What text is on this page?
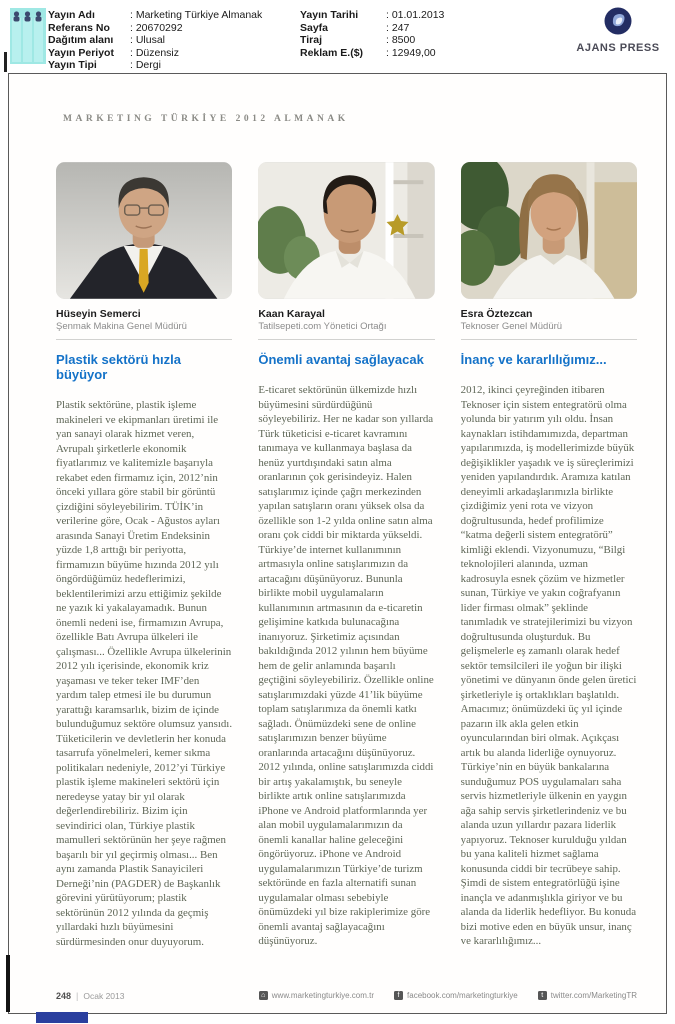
Yayın Adı	: Marketing Türkiye Almanak
Referans No	: 20670292
Dağıtım alanı	: Ulusal
Yayın Periyot	: Düzensiz
Yayın Tipi	: Dergi
Yayın Tarihi	: 01.01.2013
Sayfa	: 247
Tiraj	: 8500
Reklam E.($)	: 12949,00	AJANS PRESS
MARKETING TÜRKİYE 2012 ALMANAK
Hüseyin Semerci
Şenmak Makina Genel Müdürü
Plastik sektörü hızla büyüyor

Plastik sektörüne, plastik işleme makineleri ve ekipmanları üretimi ile yan sanayi olarak hizmet veren, Avrupalı şirketlerle ekonomik fiyatlarımız ve kalitemizle başarıyla rekabet eden firmamız için, 2012’nin önceki yıllara göre stabil bir görüntü çizdiğini söyleyebilirim. TÜİK’in verilerine göre, Ocak - Ağustos ayları arasında Sanayi Üretim Endeksinin yüzde 1,8 arttığı bir periyotta, firmamızın büyüme hızında 2012 yılı öngördüğümüz hedeflerimizi, beklentilerimizi arzu ettiğimiz şekilde ne yazık ki yakalayamadık. Bunun önemli nedeni ise, firmamızın Avrupa, özellikle Batı Avrupa ülkeleri ile çalışması... Özellikle Avrupa ülkelerinin 2012 yılı içerisinde, ekonomik kriz yaşaması ve teker teker IMF’den yardım talep etmesi ile bu durumun yarattığı karamsarlık, bizim de içinde bulunduğumuz sektöre olumsuz yansıdı. Tüketicilerin ve devletlerin her konuda tasarrufa yönelmeleri, kemer sıkma politikaları nedeniyle, 2012’yi Türkiye plastik işleme makineleri sektörü için neredeyse yatay bir yıl olarak değerlendirebiliriz. Bizim için sevindirici olan, Türkiye plastik mamulleri sektörünün her şeye rağmen başarılı bir yıl geçirmiş olması... Ben aynı zamanda Plastik Sanayicileri Derneği’nin (PAGDER) de Başkanlık görevini yürütüyorum; plastik sektörünün 2012 yılında da geçmiş yıllardaki hızlı büyümesini sürdürmesinden onur duyuyorum.

Kaan Karayal
Tatilsepeti.com Yönetici Ortağı
Önemli avantaj sağlayacak

E-ticaret sektörünün ülkemizde hızlı büyümesini sürdürdüğünü söyleyebiliriz. Her ne kadar son yıllarda Türk tüketicisi e-ticaret kavramını tanımaya ve kullanmaya başlasa da henüz yurtdışındaki satın alma oranlarının çok gerisindeyiz. Halen satışlarımız içinde çağrı merkezinden yapılan satışların oranı yüksek olsa da özellikle son 1-2 yılda online satın alma oranı çok ciddi bir miktarda yükseldi. Türkiye’de internet kullanımının artmasıyla online satışlarımızın da artacağını düşünüyoruz. Bununla birlikte mobil uygulamaların kullanımının artmasının da e-ticaretin gelişimine katkıda bulunacağına inanıyoruz. Şirketimiz açısından bakıldığında 2012 yılının hem büyüme hem de gelir anlamında başarılı geçtiğini söyleyebiliriz. Özellikle online satışlarımızdaki yüzde 41’lik büyüme toplam satışlarımıza da önemli katkı sağladı. Önümüzdeki sene de online satışlarımızın benzer büyüme oranlarında artacağını düşünüyoruz. 2012 yılında, online satışlarımızda ciddi bir artış yakalamıştık, bu seneyle birlikte artık online satışlarımızda iPhone ve Android platformlarında yer alan mobil uygulamalarımızın da önemli kanallar haline geleceğini öngörüyoruz. iPhone ve Android uygulamalarımızın Türkiye’de turizm sektöründe en fazla alternatifi sunan uygulamalar olması sebebiyle önümüzdeki yıl bize rakiplerimize göre önemli avantaj sağlayacağını düşünüyoruz.

Esra Öztezcan
Teknoser Genel Müdürü
İnanç ve kararlılığımız...

2012, ikinci çeyreğinden itibaren Teknoser için sistem entegratörü olma yolunda bir yatırım yılı oldu. İnsan kaynakları istihdamımızda, departman yapılarımızda, iş modellerimizde büyük değişiklikler yaşadık ve iş süreçlerimizi yeniden yapılandırdık. Aramıza katılan deneyimli arkadaşlarımızla birlikte çizdiğimiz yeni rota ve vizyon doğrultusunda, hedef profilimize “katma değerli sistem entegratörü” kimliği eklendi. Vizyonumuzu, “Bilgi teknolojileri alanında, uzman kadrosuyla esnek çözüm ve hizmetler sunan, Türkiye ve yakın coğrafyanın lider firması olmak” şeklinde tanımladık ve stratejilerimizi bu vizyon doğrultusunda oluşturduk. Bu gelişmelerle eş zamanlı olarak hedef sektör temsilcileri ile yoğun bir ilişki yönetimi ve dünyanın önde gelen üretici şirketleriyle iş ortaklıkları başlatıldı. Amacımız; önümüzdeki üç yıl içinde pazarın ilk akla gelen etkin oyuncularından biri olmak. Açıkçası artık bu alanda liderliğe oynuyoruz. Türkiye’nin en büyük bankalarına sunduğumuz POS uygulamaları saha servis hizmetleriyle ülkenin en yaygın ağa sahip servis şirketlerindeniz ve bu alanda uzun yıllardır pazara liderlik yapıyoruz. Teknoser kurulduğu yıldan bu yana kaliteli hizmet sağlama konusunda ciddi bir tecrübeye sahip. Şimdi de sistem entegratörlüğü işine inançla ve adanmışlıkla giriyor ve bu alanda da liderlik hedefliyor. Bu konuda bizi motive eden en büyük unsur, inanç ve kararlılığımız...

248 | Ocak 2013	⌂ www.marketingturkiye.com.tr	f facebook.com/marketingturkiye	t twitter.com/MarketingTR
